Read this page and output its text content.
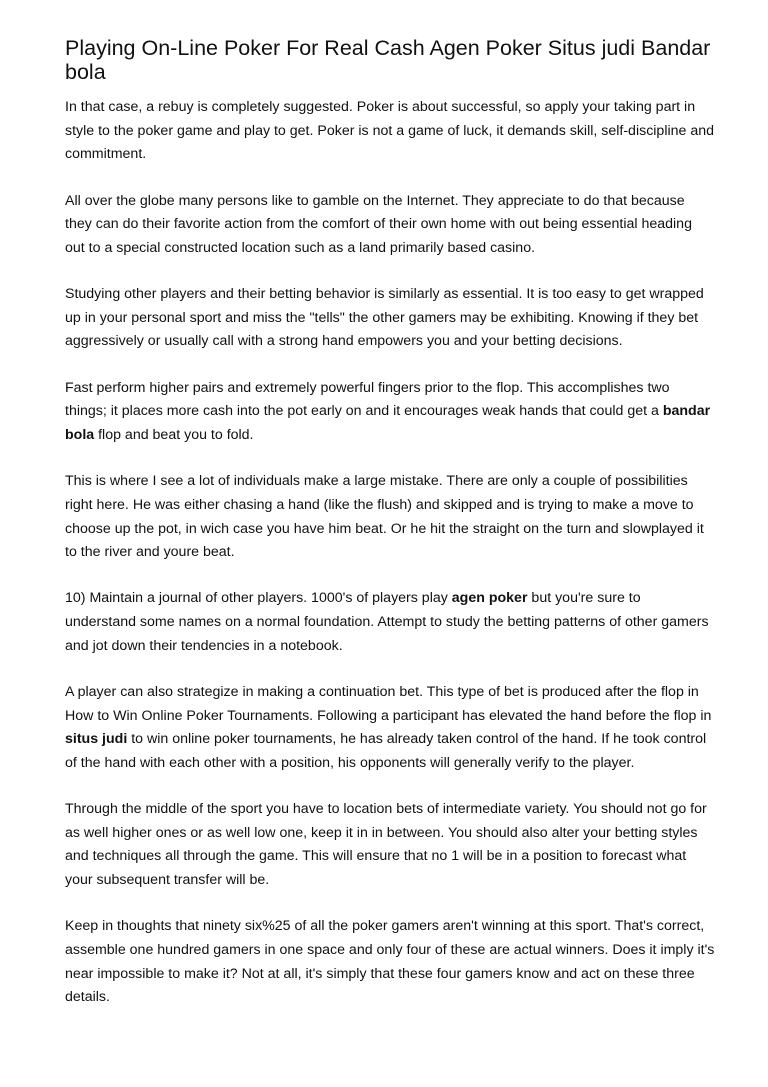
Playing On-Line Poker For Real Cash Agen Poker Situs judi Bandar bola

In that case, a rebuy is completely suggested. Poker is about successful, so apply your taking part in style to the poker game and play to get. Poker is not a game of luck, it demands skill, self-discipline and commitment.

All over the globe many persons like to gamble on the Internet. They appreciate to do that because they can do their favorite action from the comfort of their own home with out being essential heading out to a special constructed location such as a land primarily based casino.

Studying other players and their betting behavior is similarly as essential. It is too easy to get wrapped up in your personal sport and miss the "tells" the other gamers may be exhibiting. Knowing if they bet aggressively or usually call with a strong hand empowers you and your betting decisions.

Fast perform higher pairs and extremely powerful fingers prior to the flop. This accomplishes two things; it places more cash into the pot early on and it encourages weak hands that could get a bandar bola flop and beat you to fold.

This is where I see a lot of individuals make a large mistake. There are only a couple of possibilities right here. He was either chasing a hand (like the flush) and skipped and is trying to make a move to choose up the pot, in wich case you have him beat. Or he hit the straight on the turn and slowplayed it to the river and youre beat.

10) Maintain a journal of other players. 1000's of players play agen poker but you're sure to understand some names on a normal foundation. Attempt to study the betting patterns of other gamers and jot down their tendencies in a notebook.

A player can also strategize in making a continuation bet. This type of bet is produced after the flop in How to Win Online Poker Tournaments. Following a participant has elevated the hand before the flop in situs judi to win online poker tournaments, he has already taken control of the hand. If he took control of the hand with each other with a position, his opponents will generally verify to the player.

Through the middle of the sport you have to location bets of intermediate variety. You should not go for as well higher ones or as well low one, keep it in in between. You should also alter your betting styles and techniques all through the game. This will ensure that no 1 will be in a position to forecast what your subsequent transfer will be.

Keep in thoughts that ninety six%25 of all the poker gamers aren't winning at this sport. That's correct, assemble one hundred gamers in one space and only four of these are actual winners. Does it imply it's near impossible to make it? Not at all, it's simply that these four gamers know and act on these three details.
